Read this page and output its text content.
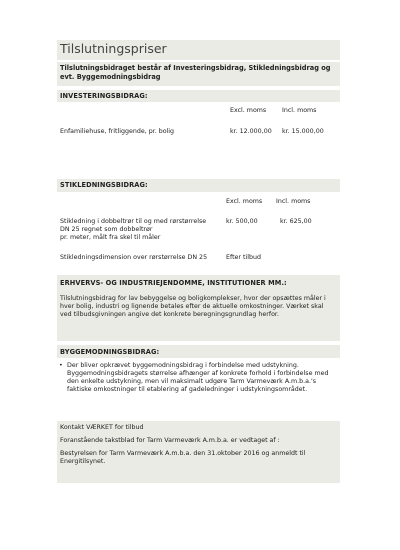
Tilslutningspriser
Tilslutningsbidraget består af Investeringsbidrag, Stikledningsbidrag og evt. Byggemodningsbidrag
INVESTERINGSBIDRAG:
Excl. moms	Incl. moms
Enfamiliehuse, fritliggende, pr. bolig	kr. 12.000,00 kr. 15.000,00
STIKLEDNINGSBIDRAG:
Excl. moms Incl. moms
Stikledning i dobbeltrør til og med rørstørrelse
DN 25 regnet som dobbeltrør
pr. meter, målt fra skel til måler
kr. 500,00	kr. 625,00
Stikledningsdimension over rørstørrelse DN 25	Efter tilbud
ERHVERVS- OG INDUSTRIEJENDOMME, INSTITUTIONER MM.:
Tilslutningsbidrag for lav bebyggelse og boligkomplekser, hvor der opsættes måler i hver bolig, industri og lignende betales efter de aktuelle omkostninger. Værket skal ved tilbudsgivningen angive det konkrete beregningsgrundlag herfor.
BYGGEMODNINGSBIDRAG:
• Der bliver opkrævet byggemodningsbidrag i forbindelse med udstykning. Byggemodningsbidragets størrelse afhænger af konkrete forhold i forbindelse med den enkelte udstykning, men vil maksimalt udgøre Tarm Varmeværk A.m.b.a.'s faktiske omkostninger til etablering af gadeledninger i udstykningsområdet.

Kontakt VÆRKET for tilbud

Foranstående takstblad for Tarm Varmeværk A.m.b.a. er vedtaget af :

Bestyrelsen for Tarm Varmeværk A.m.b.a. den 31.oktober 2016 og anmeldt til Energitilsynet.
